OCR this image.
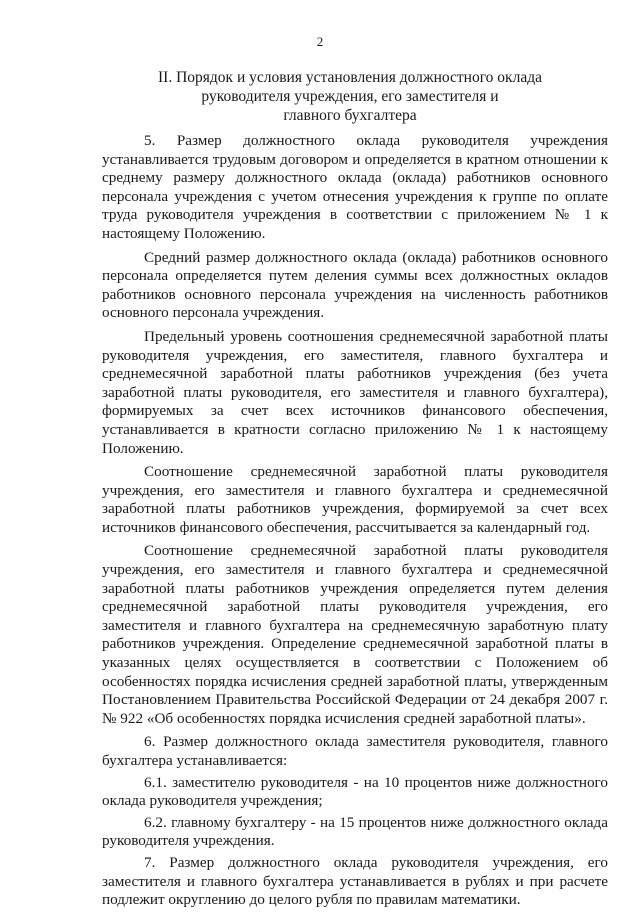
2
II. Порядок и условия установления должностного оклада
руководителя учреждения, его заместителя и
главного бухгалтера

5. Размер должностного оклада руководителя учреждения устанавливается трудовым договором и определяется в кратном отношении к среднему размеру должностного оклада (оклада) работников основного персонала учреждения с учетом отнесения учреждения к группе по оплате труда руководителя учреждения в соответствии с приложением № 1 к настоящему Положению.

Средний размер должностного оклада (оклада) работников основного персонала определяется путем деления суммы всех должностных окладов работников основного персонала учреждения на численность работников основного персонала учреждения.

Предельный уровень соотношения среднемесячной заработной платы руководителя учреждения, его заместителя, главного бухгалтера и среднемесячной заработной платы работников учреждения (без учета заработной платы руководителя, его заместителя и главного бухгалтера), формируемых за счет всех источников финансового обеспечения, устанавливается в кратности согласно приложению № 1 к настоящему Положению.

Соотношение среднемесячной заработной платы руководителя учреждения, его заместителя и главного бухгалтера и среднемесячной заработной платы работников учреждения, формируемой за счет всех источников финансового обеспечения, рассчитывается за календарный год.

Соотношение среднемесячной заработной платы руководителя учреждения, его заместителя и главного бухгалтера и среднемесячной заработной платы работников учреждения определяется путем деления среднемесячной заработной платы руководителя учреждения, его заместителя и главного бухгалтера на среднемесячную заработную плату работников учреждения. Определение среднемесячной заработной платы в указанных целях осуществляется в соответствии с Положением об особенностях порядка исчисления средней заработной платы, утвержденным Постановлением Правительства Российской Федерации от 24 декабря 2007 г. № 922 «Об особенностях порядка исчисления средней заработной платы».

6. Размер должностного оклада заместителя руководителя, главного бухгалтера устанавливается:

6.1. заместителю руководителя - на 10 процентов ниже должностного оклада руководителя учреждения;

6.2. главному бухгалтеру - на 15 процентов ниже должностного оклада руководителя учреждения.

7. Размер должностного оклада руководителя учреждения, его заместителя и главного бухгалтера устанавливается в рублях и при расчете подлежит округлению до целого рубля по правилам математики.
